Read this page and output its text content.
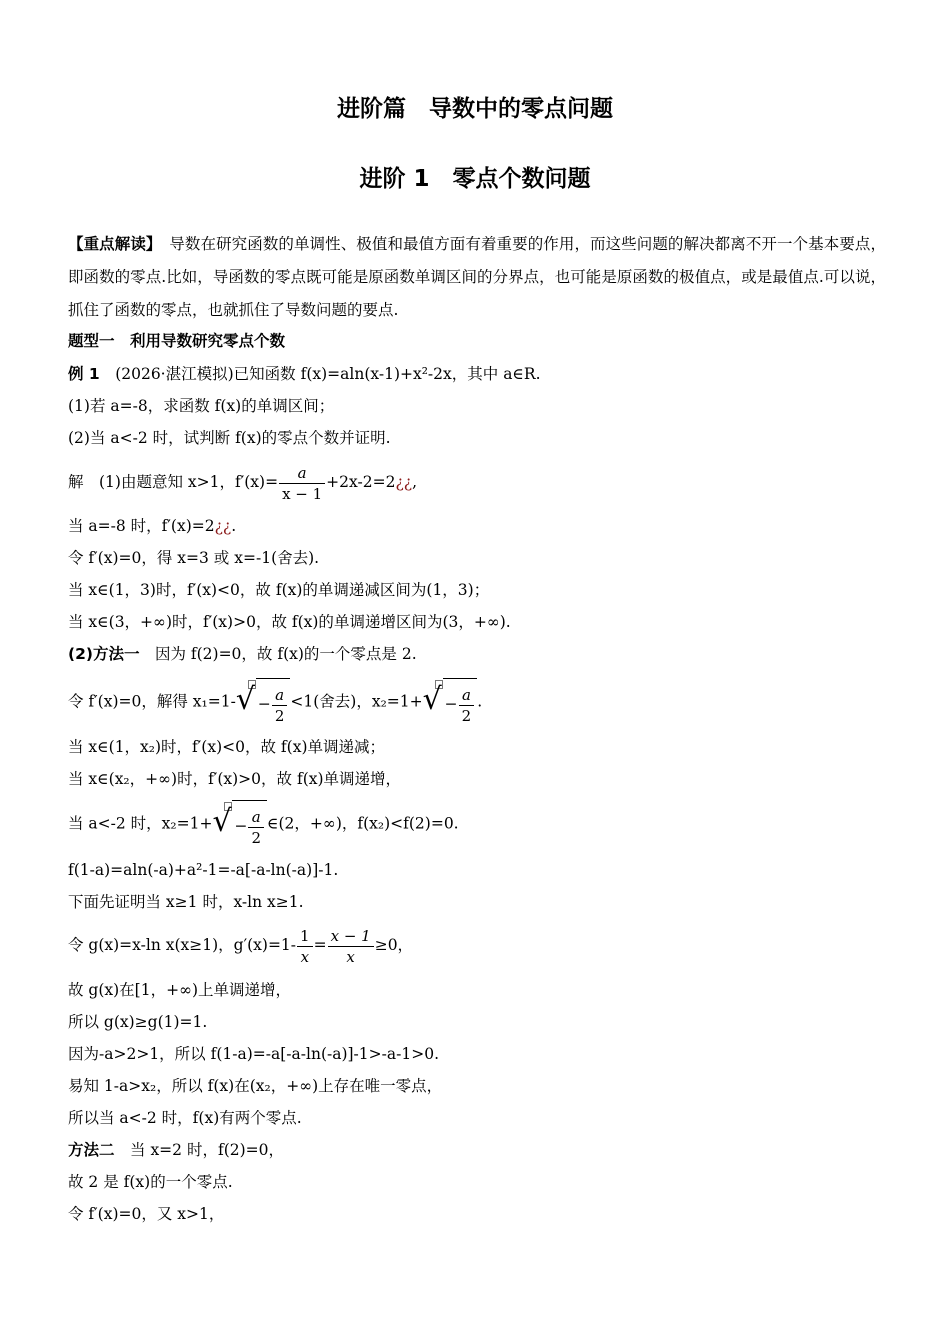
进阶篇　导数中的零点问题
进阶 1　零点个数问题
【重点解读】　导数在研究函数的单调性、极值和最值方面有着重要的作用，而这些问题的解决都离不开一个基本要点，即函数的零点.比如，导函数的零点既可能是原函数单调区间的分界点，也可能是原函数的极值点，或是最值点.可以说，抓住了函数的零点，也就抓住了导数问题的要点.
题型一　利用导数研究零点个数
例 1　(2026·湛江模拟)已知函数 f(x)=aln(x-1)+x²-2x，其中 a∈R.
(1)若 a=-8，求函数 f(x)的单调区间；
(2)当 a<-2 时，试判断 f(x)的零点个数并证明.
解　(1)由题意知 x>1，$f'(x)= \frac{a}{x - 1}$ +2x-2=2¿¿,
当 a=-8 时，f′(x)=2¿¿.
令 f′(x)=0，得 x=3 或 x=-1(舍去).
当 x∈(1，3)时，f′(x)<0，故 f(x)的单调递减区间为(1，3)；
当 x∈(3，+∞)时，f′(x)>0，故 f(x)的单调递增区间为(3，+∞).
(2)方法一　因为 f(2)=0，故 f(x)的一个零点是 2.
令 f′(x)=0，解得 x₁=1- √ − $\frac{a}{2} <1$(舍去)，x₂=1+ √ − $\frac{a}{2}$ .
当 x∈(1，x₂)时，f′(x)<0，故 f(x)单调递减；
当 x∈(x₂，+∞)时，f′(x)>0，故 f(x)单调递增，
当 a<-2 时，x₂=1+ √ − $\frac{a}{2}$ ∈(2，+∞)，f(x₂)<f(2)=0.
f(1-a)=aln(-a)+a²-1=-a[-a-ln(-a)]-1.
下面先证明当 x≥1 时，x-ln x≥1.
令 g(x)=x-ln x(x≥1)，$g'(x)=1- \frac{1}{x} = \frac{x - 1}{x} \ge 0$，
故 g(x)在[1，+∞)上单调递增，
所以 g(x)≥g(1)=1.
因为-a>2>1，所以 f(1-a)=-a[-a-ln(-a)]-1>-a-1>0.
易知 1-a>x₂，所以 f(x)在(x₂，+∞)上存在唯一零点，
所以当 a<-2 时，f(x)有两个零点.
方法二　当 x=2 时，f(2)=0，
故 2 是 f(x)的一个零点.
令 f′(x)=0，又 x>1，
